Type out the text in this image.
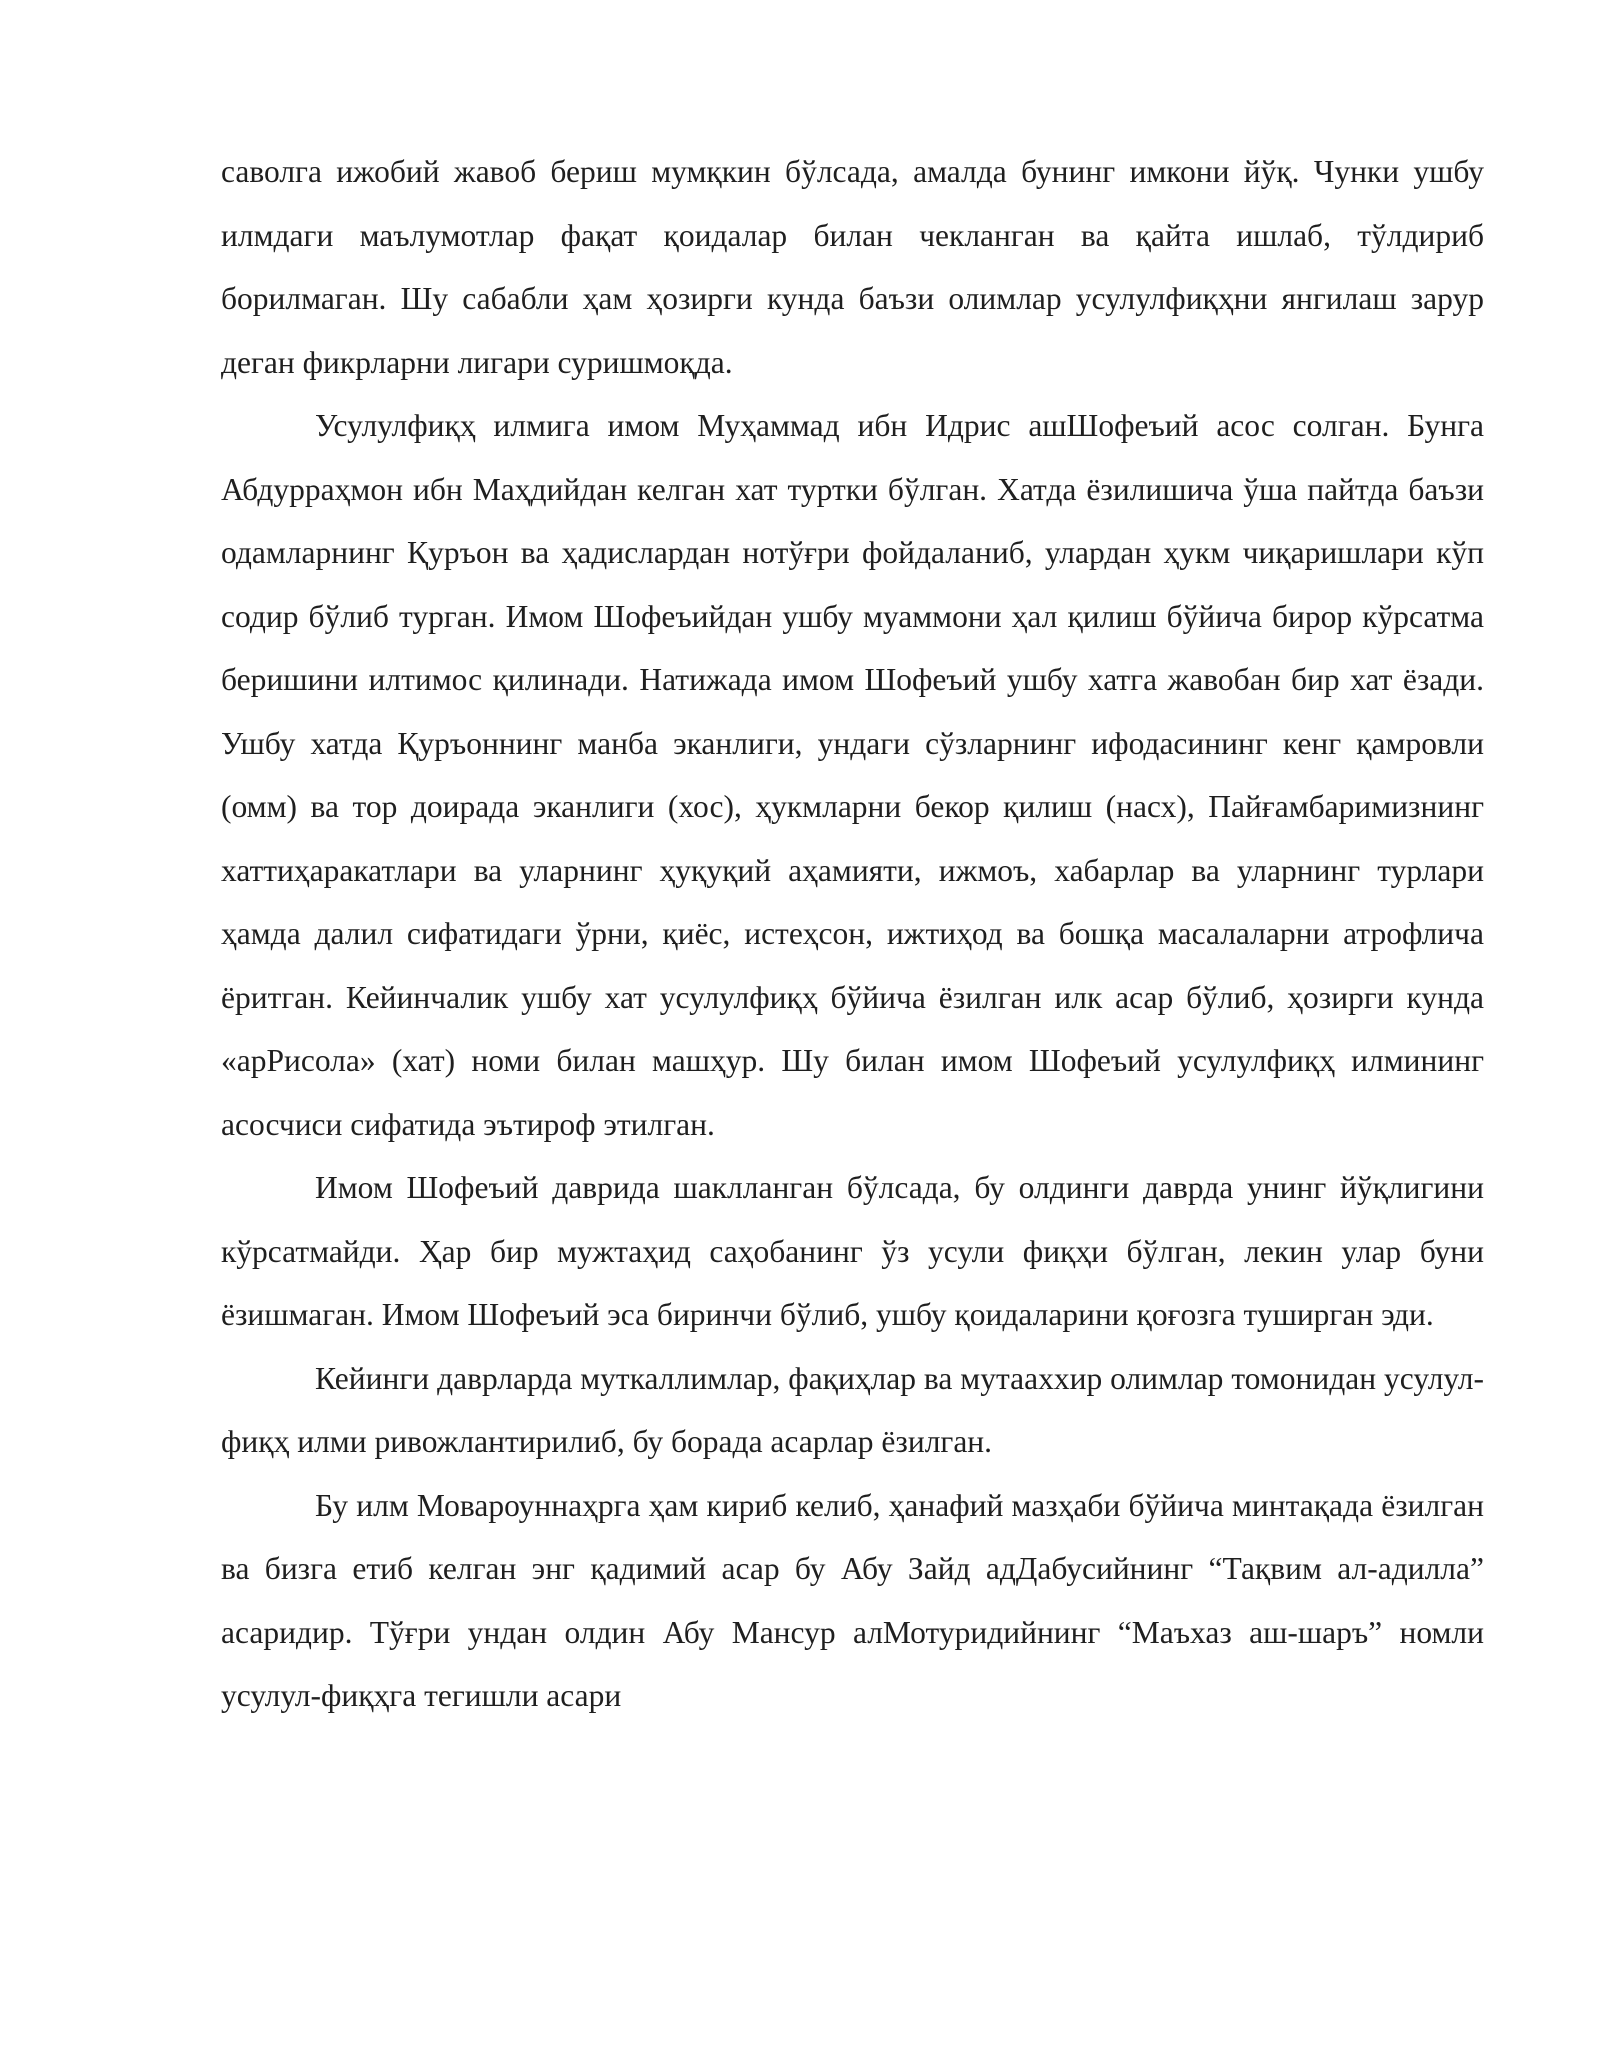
саволга ижобий жавоб бериш мумқкин бўлсада, амалда бунинг имкони йўқ. Чунки ушбу илмдаги маълумотлар фақат қоидалар билан чекланган ва қайта ишлаб, тўлдириб борилмаган. Шу сабабли ҳам ҳозирги кунда баъзи олимлар усулулфиқҳни янгилаш зарур деган фикрларни лигари суришмоқда.

Усулулфиқҳ илмига имом Муҳаммад ибн Идрис ашШофеъий асос солган. Бунга Абдурраҳмон ибн Маҳдийдан келган хат туртки бўлган. Хатда ёзилишича ўша пайтда баъзи одамларнинг Қуръон ва ҳадислардан нотўғри фойдаланиб, улардан ҳукм чиқаришлари кўп содир бўлиб турган. Имом Шофеъийдан ушбу муаммони ҳал қилиш бўйича бирор кўрсатма беришини илтимос қилинади. Натижада имом Шофеъий ушбу хатга жавобан бир хат ёзади. Ушбу хатда Қуръоннинг манба эканлиги, ундаги сўзларнинг ифодасининг кенг қамровли (омм) ва тор доирада эканлиги (хос), ҳукмларни бекор қилиш (насх), Пайғамбаримизнинг хаттиҳаракатлари ва уларнинг ҳуқуқий аҳамияти, ижмоъ, хабарлар ва уларнинг турлари ҳамда далил сифатидаги ўрни, қиёс, истеҳсон, ижтиҳод ва бошқа масалаларни атрофлича ёритган. Кейинчалик ушбу хат усулулфиқҳ бўйича ёзилган илк асар бўлиб, ҳозирги кунда «арРисола» (хат) номи билан машҳур. Шу билан имом Шофеъий усулулфиқҳ илмининг асосчиси сифатида эътироф этилган.

Имом Шофеъий даврида шаклланган бўлсада, бу олдинги даврда унинг йўқлигини кўрсатмайди. Ҳар бир мужтаҳид саҳобанинг ўз усули фиқҳи бўлган, лекин улар буни ёзишмаган. Имом Шофеъий эса биринчи бўлиб, ушбу қоидаларини қоғозга туширган эди.

Кейинги даврларда муткаллимлар, фақиҳлар ва мутааххир олимлар томонидан усулул-фиқҳ илми ривожлантирилиб, бу борада асарлар ёзилган.

Бу илм Мовароуннаҳрга ҳам кириб келиб, ҳанафий мазҳаби бўйича минтақада ёзилган ва бизга етиб келган энг қадимий асар бу Абу Зайд адДабусийнинг “Тақвим ал-адилла” асаридир. Тўғри ундан олдин Абу Мансур алМотуридийнинг “Маъхаз аш-шаръ” номли усулул-фиқҳга тегишли асари
